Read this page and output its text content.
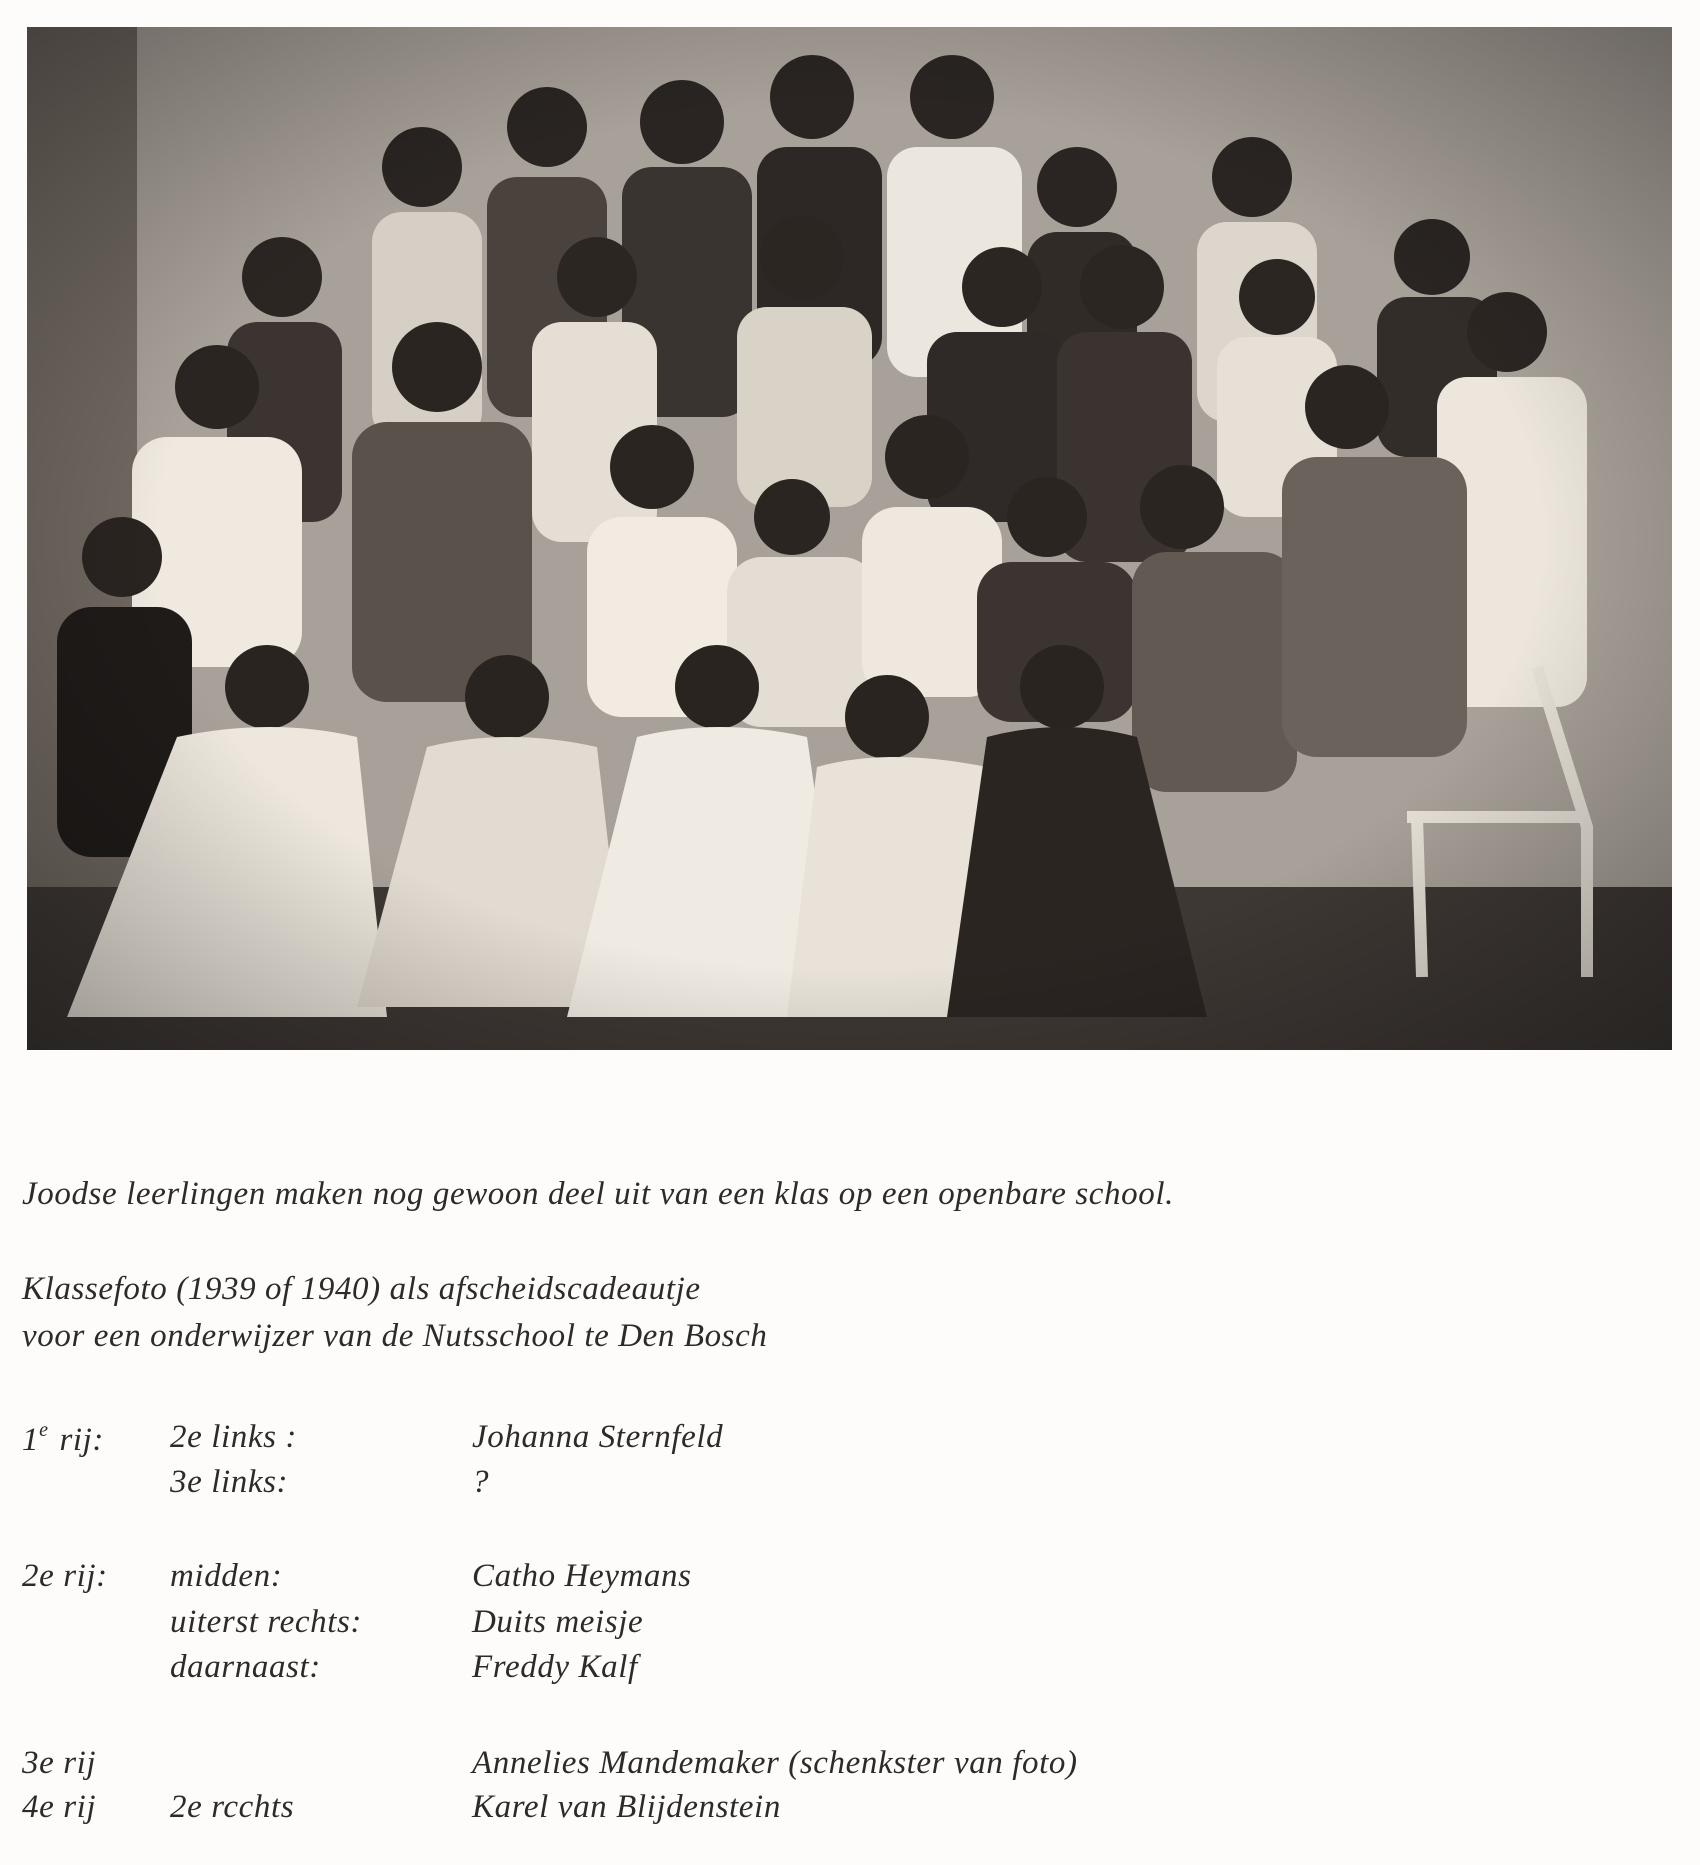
Joodse leerlingen maken nog gewoon deel uit van een klas op een openbare school.
Klassefoto (1939 of 1940) als afscheidscadeautje
voor een onderwijzer van de Nutsschool te Den Bosch
1e rij: 2e links :	Johanna Sternfeld
3e links:	?
2e rij: midden:	Catho Heymans
uiterst rechts:	Duits meisje
daarnaast:	Freddy Kalf
3e rij	Annelies Mandemaker (schenkster van foto)
4e rij 2e rcchts	Karel van Blijdenstein
